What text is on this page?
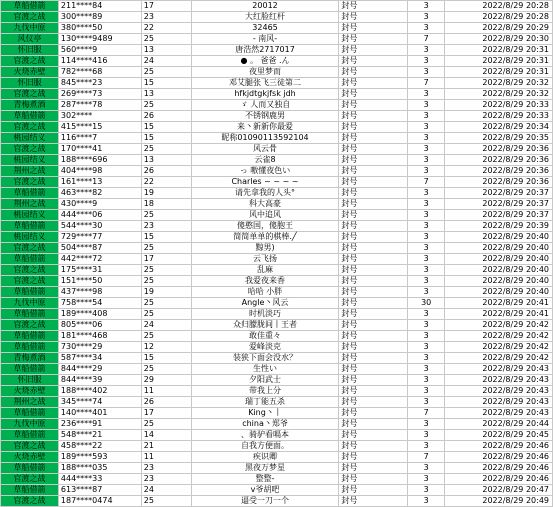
草船借箭	211****84	17	20012	封号	3	2022/8/29 20:28
官渡之战	300****89	23	大红脸红杆	封号	3	2022/8/29 20:28
九伐中原	380****50	22	32465	封号	3	2022/8/29 20:29
风仪亭	130****9489	25	- 南风-	封号	7	2022/8/29 20:30
怀旧服	560****9	13	唐浩然2717017	封号	3	2022/8/29 20:31
官渡之战	114****416	24	● 。 爸爸 .ん	封号	3	2022/8/29 20:31
火烧赤壁	782****68	25	夜里梦而	封号	3	2022/8/29 20:31
怀旧服	845****23	15	邓艾腿张飞三徒第二	封号	7	2022/8/29 20:32
官渡之战	269****73	13	hfkjdtgkjfsk jdh	封号	3	2022/8/29 20:32
青梅煮酒	287****78	25	ゞ 人而又独自	封号	3	2022/8/29 20:33
草船借箭	302****	26	不锈钢鹿男	封号	3	2022/8/29 20:33
官渡之战	415****15	15	来丶新新你最爱	封号	3	2022/8/29 20:34
桃园结义	116****7	15	昵称01090113592104	封号	3	2022/8/29 20:35
官渡之战	170****41	25	风云骨	封号	3	2022/8/29 20:36
桃园结义	188****696	13	云雀8	封号	3	2022/8/29 20:36
荆州之战	404****98	26	っ 嗷懂夜色い	封号	3	2022/8/29 20:36
官渡之战	161****13	22	Charles ~ ~ ~ ~	封号	7	2022/8/29 20:36
草船借箭	463****82	19	请先拿我的人头°	封号	3	2022/8/29 20:37
荆州之战	430****9	18	科大高豪	封号	3	2022/8/29 20:37
桃园结义	444****06	25	风中追风	封号	3	2022/8/29 20:37
草船借箭	544****30	23	傻憨国，傻胞王	封号	3	2022/8/29 20:39
桃园结义	729****77	15	简简单单的棋棒.╱	封号	3	2022/8/29 20:40
官渡之战	504****87	25	黥男)	封号	3	2022/8/29 20:40
草船借箭	442****72	17	云飞扬	封号	3	2022/8/29 20:40
官渡之战	175****31	25	乱麻	封号	3	2022/8/29 20:40
官渡之战	151****50	25	我爱夜来香	封号	3	2022/8/29 20:40
草船借箭	437****98	19	哈哈 小胖	封号	3	2022/8/29 20:40
九伐中原	758****54	25	Angle丶风云	封号	30	2022/8/29 20:41
草船借箭	189****408	25	时机淡巧	封号	3	2022/8/29 20:41
官渡之战	805****06	24	众归朦胧间丨王者	封号	3	2022/8/29 20:42
草船借箭	181****468	25	敢佳重々	封号	3	2022/8/29 20:42
草船借箭	730****29	12	爱峰淡克	封号	3	2022/8/29 20:42
青梅煮酒	587****34	15	装狭下面会没水？	封号	3	2022/8/29 20:42
草船借箭	844****29	25	生性い	封号	3	2022/8/29 20:43
怀旧服	844****39	29	夕阳武士	封号	3	2022/8/29 20:43
火烧赤壁	188****402	11	带我上分	封号	3	2022/8/29 20:43
荆州之战	345****74	26	瑞丁能五杀	封号	3	2022/8/29 20:43
草船借箭	140****401	17	King丶丨	封号	7	2022/8/29 20:43
九伐中原	236****91	25	china丶郑爷	封号	3	2022/8/29 20:44
草船借箭	548****21	14	、骑驴看嗝本	封号	3	2022/8/29 20:45
官渡之战	458****22	21	自我方便面。	封号	3	2022/8/29 20:46
火烧赤壁	189****593	11	疾识卿	封号	7	2022/8/29 20:46
草船借箭	188****035	23	黑夜万梦星	封号	3	2022/8/29 20:46
官渡之战	444****33	23	整整-	封号	3	2022/8/29 20:46
草船借箭	613****87	24	v爷胡吧	封号	3	2022/8/29 20:47
官渡之战	187****0474	25	逼受一刀一个	封号	3	2022/8/29 20:49
